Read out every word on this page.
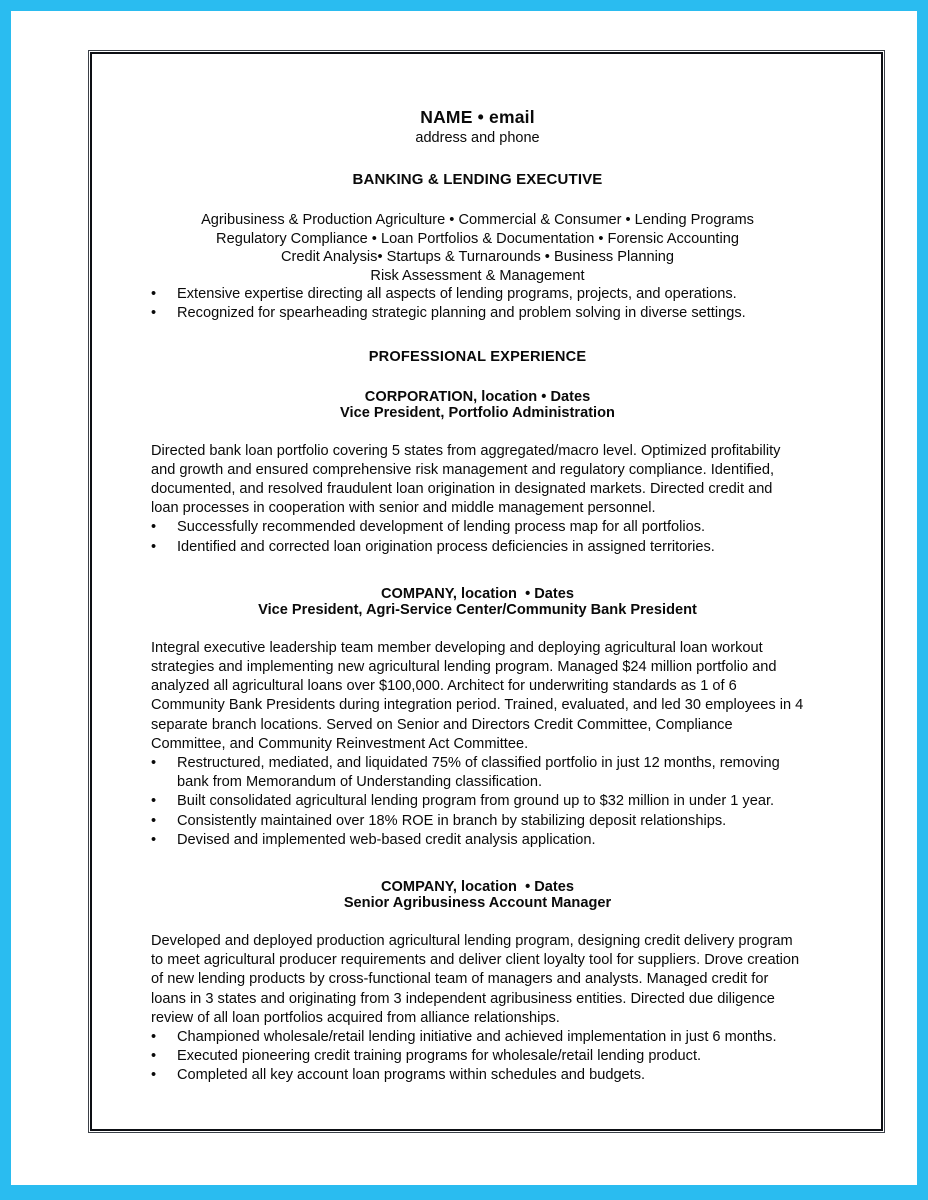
NAME • email
address and phone
BANKING & LENDING EXECUTIVE
Agribusiness & Production Agriculture • Commercial & Consumer • Lending Programs
Regulatory Compliance • Loan Portfolios & Documentation • Forensic Accounting
Credit Analysis• Startups & Turnarounds • Business Planning
Risk Assessment & Management
•	Extensive expertise directing all aspects of lending programs, projects, and operations.
•	Recognized for spearheading strategic planning and problem solving in diverse settings.
PROFESSIONAL EXPERIENCE
CORPORATION, location • Dates
Vice President, Portfolio Administration
Directed bank loan portfolio covering 5 states from aggregated/macro level. Optimized profitability and growth and ensured comprehensive risk management and regulatory compliance. Identified, documented, and resolved fraudulent loan origination in designated markets. Directed credit and loan processes in cooperation with senior and middle management personnel.
•	Successfully recommended development of lending process map for all portfolios.
•	Identified and corrected loan origination process deficiencies in assigned territories.
COMPANY, location  • Dates
Vice President, Agri-Service Center/Community Bank President
Integral executive leadership team member developing and deploying agricultural loan workout strategies and implementing new agricultural lending program. Managed $24 million portfolio and analyzed all agricultural loans over $100,000. Architect for underwriting standards as 1 of 6 Community Bank Presidents during integration period. Trained, evaluated, and led 30 employees in 4 separate branch locations. Served on Senior and Directors Credit Committee, Compliance Committee, and Community Reinvestment Act Committee.
•	Restructured, mediated, and liquidated 75% of classified portfolio in just 12 months, removing bank from Memorandum of Understanding classification.
•	Built consolidated agricultural lending program from ground up to $32 million in under 1 year.
•	Consistently maintained over 18% ROE in branch by stabilizing deposit relationships.
•	Devised and implemented web-based credit analysis application.
COMPANY, location  • Dates
Senior Agribusiness Account Manager
Developed and deployed production agricultural lending program, designing credit delivery program to meet agricultural producer requirements and deliver client loyalty tool for suppliers. Drove creation of new lending products by cross-functional team of managers and analysts. Managed credit for loans in 3 states and originating from 3 independent agribusiness entities. Directed due diligence review of all loan portfolios acquired from alliance relationships.
•	Championed wholesale/retail lending initiative and achieved implementation in just 6 months.
•	Executed pioneering credit training programs for wholesale/retail lending product.
•	Completed all key account loan programs within schedules and budgets.
